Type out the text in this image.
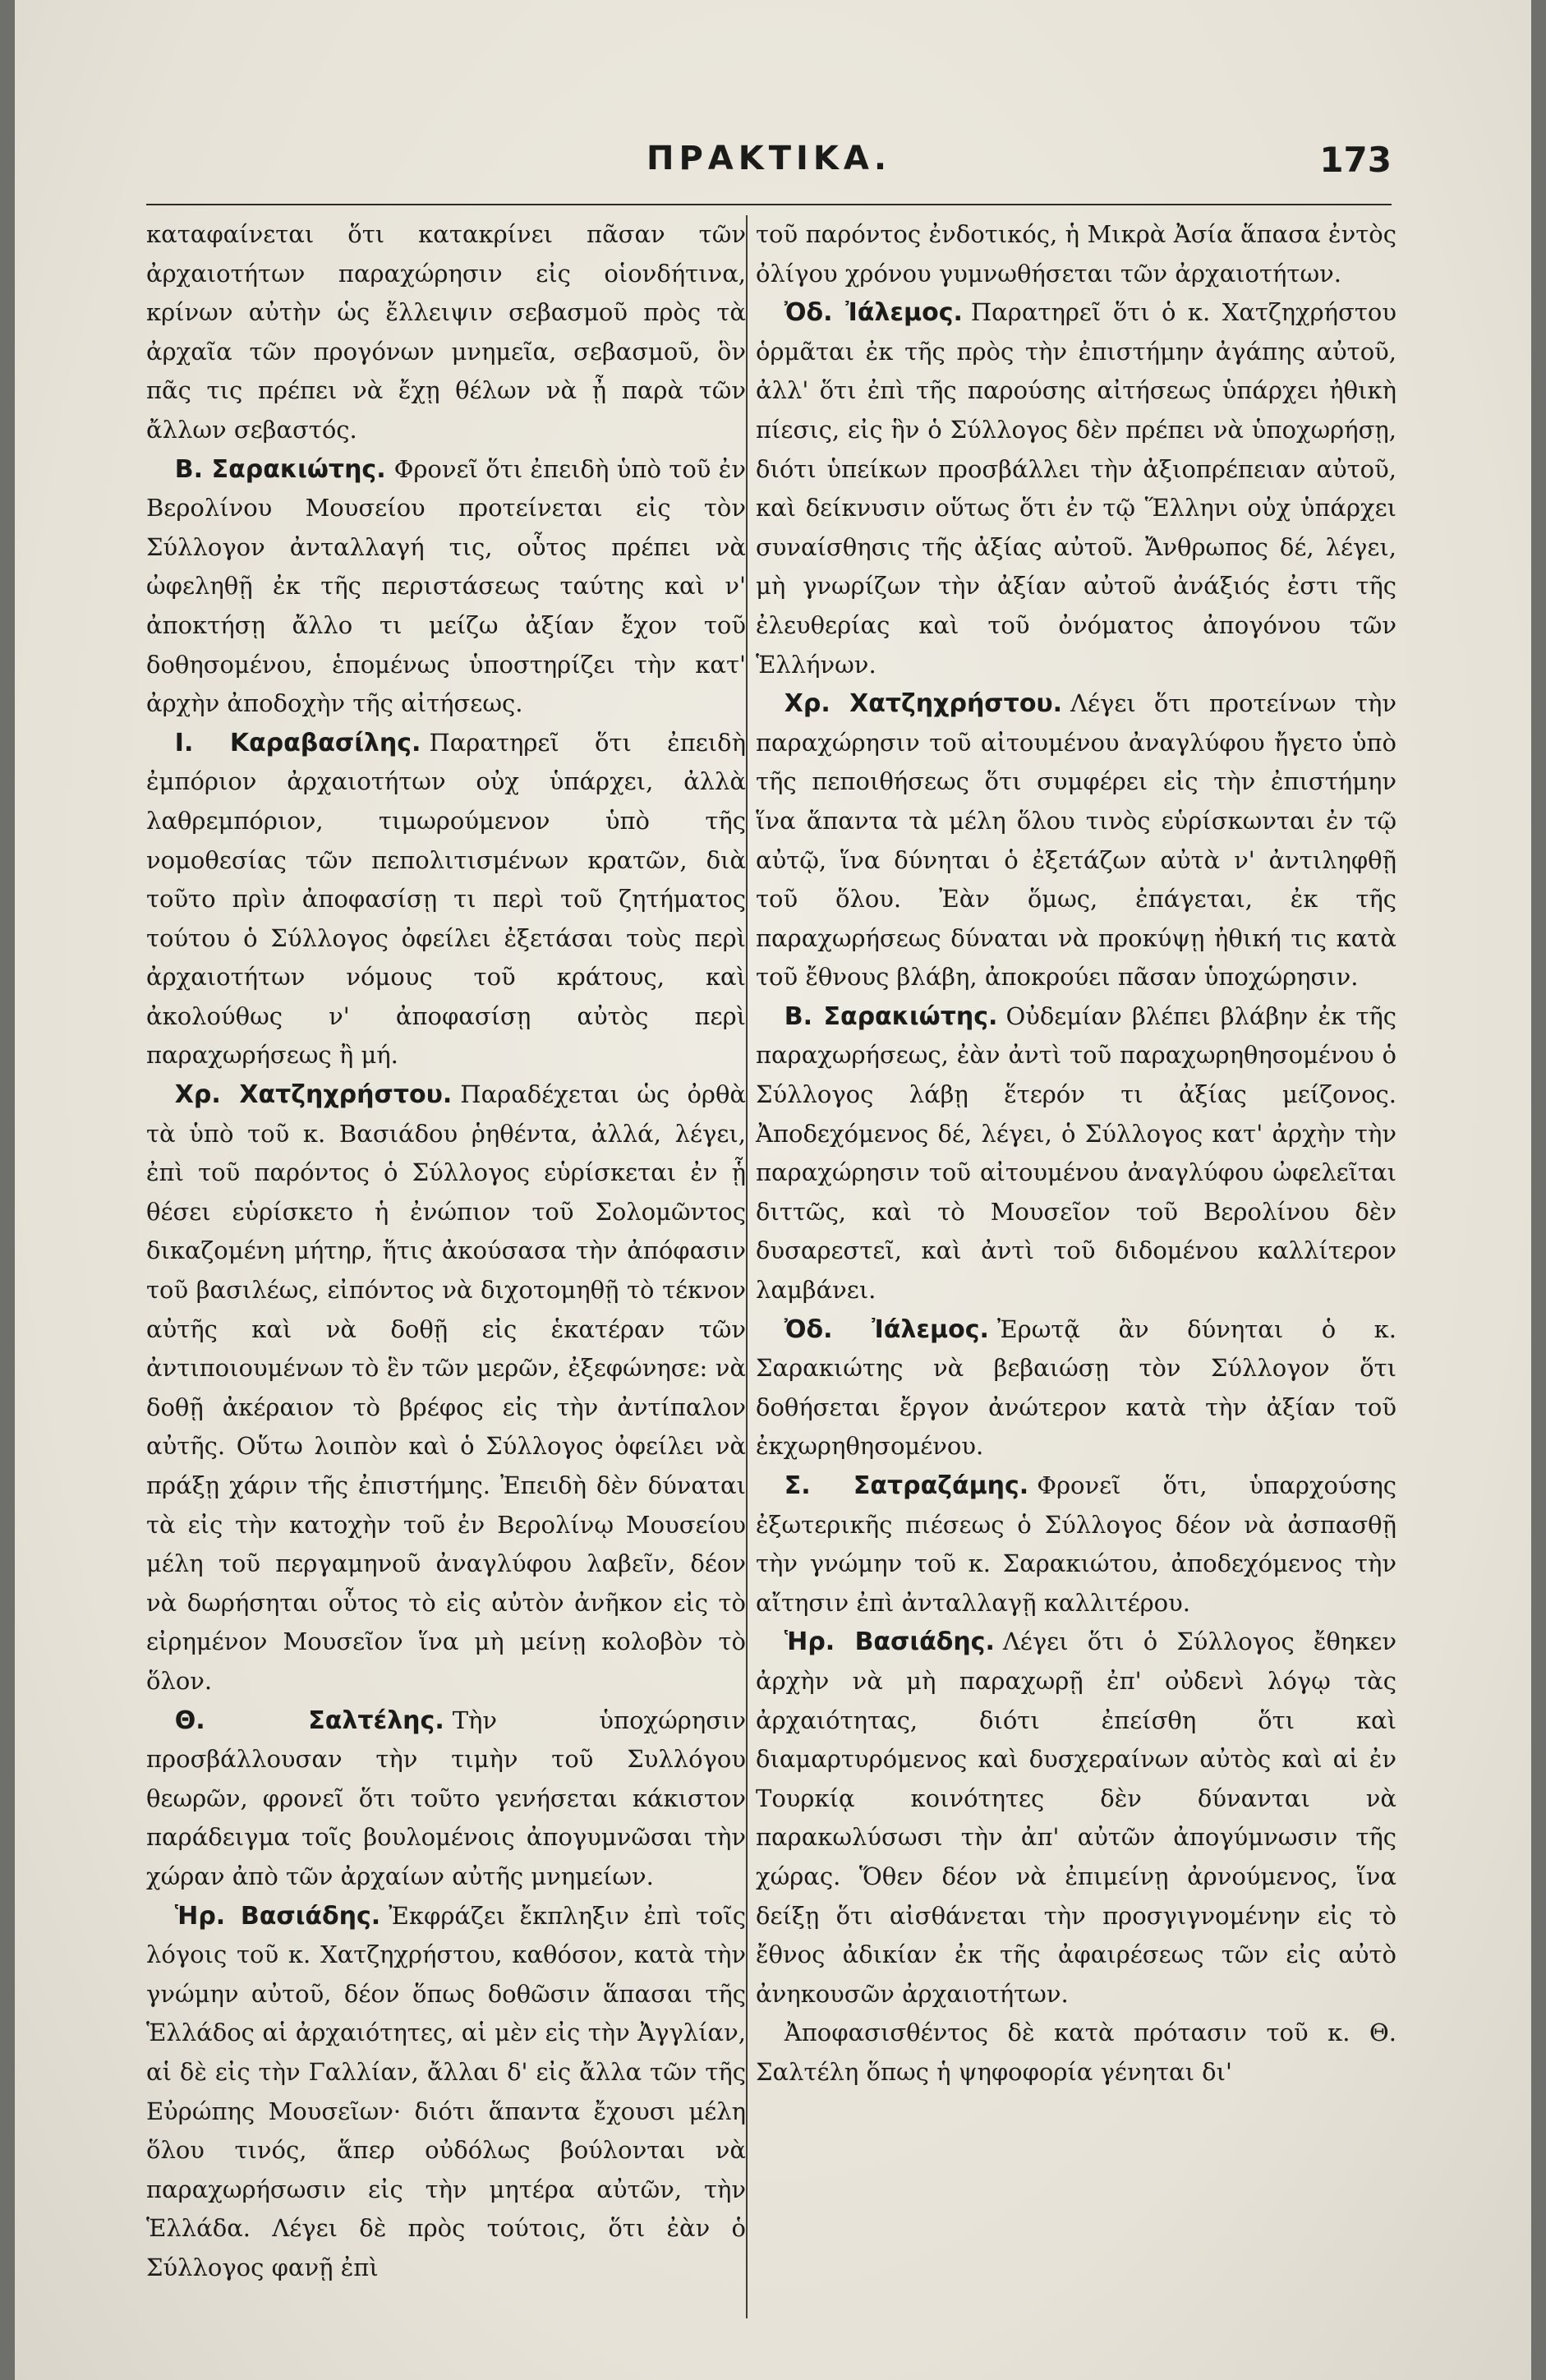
ΠΡΑΚΤΙΚΑ.	173

καταφαίνεται ὅτι κατακρίνει πᾶσαν τῶν ἀρχαιοτήτων παραχώρησιν εἰς οἱονδήτινα, κρίνων αὐτὴν ὡς ἔλλειψιν σεβασμοῦ πρὸς τὰ ἀρχαῖα τῶν προγόνων μνημεῖα, σεβασμοῦ, ὃν πᾶς τις πρέπει νὰ ἔχῃ θέλων νὰ ᾖ παρὰ τῶν ἄλλων σεβαστός.

Β. Σαρακιώτης. Φρονεῖ ὅτι ἐπειδὴ ὑπὸ τοῦ ἐν Βερολίνου Μουσείου προτείνεται εἰς τὸν Σύλλογον ἀνταλλαγή τις, οὗτος πρέπει νὰ ὠφεληθῇ ἐκ τῆς περιστάσεως ταύτης καὶ ν' ἀποκτήσῃ ἄλλο τι μείζω ἀξίαν ἔχον τοῦ δοθησομένου, ἑπομένως ὑποστηρίζει τὴν κατ' ἀρχὴν ἀποδοχὴν τῆς αἰτήσεως.

Ι. Καραβασίλης. Παρατηρεῖ ὅτι ἐπειδὴ ἐμπόριον ἀρχαιοτήτων οὐχ ὑπάρχει, ἀλλὰ λαθρεμπόριον, τιμωρούμενον ὑπὸ τῆς νομοθεσίας τῶν πεπολιτισμένων κρατῶν, διὰ τοῦτο πρὶν ἀποφασίσῃ τι περὶ τοῦ ζητήματος τούτου ὁ Σύλλογος ὀφείλει ἐξετάσαι τοὺς περὶ ἀρχαιοτήτων νόμους τοῦ κράτους, καὶ ἀκολούθως ν' ἀποφασίσῃ αὐτὸς περὶ παραχωρήσεως ἢ μή.

Χρ. Χατζηχρήστου. Παραδέχεται ὡς ὀρθὰ τὰ ὑπὸ τοῦ κ. Βασιάδου ῥηθέντα, ἀλλά, λέγει, ἐπὶ τοῦ παρόντος ὁ Σύλλογος εὑρίσκεται ἐν ᾗ θέσει εὑρίσκετο ἡ ἐνώπιον τοῦ Σολομῶντος δικαζομένη μήτηρ, ἥτις ἀκούσασα τὴν ἀπόφασιν τοῦ βασιλέως, εἰπόντος νὰ διχοτομηθῇ τὸ τέκνον αὐτῆς καὶ νὰ δοθῇ εἰς ἑκατέραν τῶν ἀντιποιουμένων τὸ ἓν τῶν μερῶν, ἐξεφώνησε: νὰ δοθῇ ἀκέραιον τὸ βρέφος εἰς τὴν ἀντίπαλον αὐτῆς. Οὕτω λοιπὸν καὶ ὁ Σύλλογος ὀφείλει νὰ πράξῃ χάριν τῆς ἐπιστήμης. Ἐπειδὴ δὲν δύναται τὰ εἰς τὴν κατοχὴν τοῦ ἐν Βερολίνῳ Μουσείου μέλη τοῦ περγαμηνοῦ ἀναγλύφου λαβεῖν, δέον νὰ δωρήσηται οὗτος τὸ εἰς αὐτὸν ἀνῆκον εἰς τὸ εἰρημένον Μουσεῖον ἵνα μὴ μείνῃ κολοβὸν τὸ ὅλον.

Θ. Σαλτέλης. Τὴν ὑποχώρησιν προσβάλλουσαν τὴν τιμὴν τοῦ Συλλόγου θεωρῶν, φρονεῖ ὅτι τοῦτο γενήσεται κάκιστον παράδειγμα τοῖς βουλομένοις ἀπογυμνῶσαι τὴν χώραν ἀπὸ τῶν ἀρχαίων αὐτῆς μνημείων.

Ἡρ. Βασιάδης. Ἐκφράζει ἔκπληξιν ἐπὶ τοῖς λόγοις τοῦ κ. Χατζηχρήστου, καθόσον, κατὰ τὴν γνώμην αὐτοῦ, δέον ὅπως δοθῶσιν ἅπασαι τῆς Ἑλλάδος αἱ ἀρχαιότητες, αἱ μὲν εἰς τὴν Ἀγγλίαν, αἱ δὲ εἰς τὴν Γαλλίαν, ἄλλαι δ' εἰς ἄλλα τῶν τῆς Εὐρώπης Μουσεῖων· διότι ἅπαντα ἔχουσι μέλη ὅλου τινός, ἅπερ οὐδόλως βούλονται νὰ παραχωρήσωσιν εἰς τὴν μητέρα αὐτῶν, τὴν Ἑλλάδα. Λέγει δὲ πρὸς τούτοις, ὅτι ἐὰν ὁ Σύλλογος φανῇ ἐπὶ

τοῦ παρόντος ἐνδοτικός, ἡ Μικρὰ Ἀσία ἅπασα ἐντὸς ὀλίγου χρόνου γυμνωθήσεται τῶν ἀρχαιοτήτων.

Ὀδ. Ἰάλεμος. Παρατηρεῖ ὅτι ὁ κ. Χατζηχρήστου ὁρμᾶται ἐκ τῆς πρὸς τὴν ἐπιστήμην ἀγάπης αὐτοῦ, ἀλλ' ὅτι ἐπὶ τῆς παρούσης αἰτήσεως ὑπάρχει ἠθικὴ πίεσις, εἰς ἣν ὁ Σύλλογος δὲν πρέπει νὰ ὑποχωρήσῃ, διότι ὑπείκων προσβάλλει τὴν ἀξιοπρέπειαν αὐτοῦ, καὶ δείκνυσιν οὕτως ὅτι ἐν τῷ Ἕλληνι οὐχ ὑπάρχει συναίσθησις τῆς ἀξίας αὐτοῦ. Ἄνθρωπος δέ, λέγει, μὴ γνωρίζων τὴν ἀξίαν αὐτοῦ ἀνάξιός ἐστι τῆς ἐλευθερίας καὶ τοῦ ὀνόματος ἀπογόνου τῶν Ἑλλήνων.

Χρ. Χατζηχρήστου. Λέγει ὅτι προτείνων τὴν παραχώρησιν τοῦ αἰτουμένου ἀναγλύφου ἤγετο ὑπὸ τῆς πεποιθήσεως ὅτι συμφέρει εἰς τὴν ἐπιστήμην ἵνα ἅπαντα τὰ μέλη ὅλου τινὸς εὑρίσκωνται ἐν τῷ αὐτῷ, ἵνα δύνηται ὁ ἐξετάζων αὐτὰ ν' ἀντιληφθῇ τοῦ ὅλου. Ἐὰν ὅμως, ἐπάγεται, ἐκ τῆς παραχωρήσεως δύναται νὰ προκύψῃ ἠθική τις κατὰ τοῦ ἔθνους βλάβη, ἀποκρούει πᾶσαν ὑποχώρησιν.

Β. Σαρακιώτης. Οὐδεμίαν βλέπει βλάβην ἐκ τῆς παραχωρήσεως, ἐὰν ἀντὶ τοῦ παραχωρηθησομένου ὁ Σύλλογος λάβῃ ἕτερόν τι ἀξίας μείζονος. Ἀποδεχόμενος δέ, λέγει, ὁ Σύλλογος κατ' ἀρχὴν τὴν παραχώρησιν τοῦ αἰτουμένου ἀναγλύφου ὠφελεῖται διττῶς, καὶ τὸ Μουσεῖον τοῦ Βερολίνου δὲν δυσαρεστεῖ, καὶ ἀντὶ τοῦ διδομένου καλλίτερον λαμβάνει.

Ὀδ. Ἰάλεμος. Ἐρωτᾷ ἂν δύνηται ὁ κ. Σαρακιώτης νὰ βεβαιώσῃ τὸν Σύλλογον ὅτι δοθήσεται ἔργον ἀνώτερον κατὰ τὴν ἀξίαν τοῦ ἐκχωρηθησομένου.

Σ. Σατραζάμης. Φρονεῖ ὅτι, ὑπαρχούσης ἐξωτερικῆς πιέσεως ὁ Σύλλογος δέον νὰ ἀσπασθῇ τὴν γνώμην τοῦ κ. Σαρακιώτου, ἀποδεχόμενος τὴν αἴτησιν ἐπὶ ἀνταλλαγῇ καλλιτέρου.

Ἡρ. Βασιάδης. Λέγει ὅτι ὁ Σύλλογος ἔθηκεν ἀρχὴν νὰ μὴ παραχωρῇ ἐπ' οὐδενὶ λόγῳ τὰς ἀρχαιότητας, διότι ἐπείσθη ὅτι καὶ διαμαρτυρόμενος καὶ δυσχεραίνων αὐτὸς καὶ αἱ ἐν Τουρκίᾳ κοινότητες δὲν δύνανται νὰ παρακωλύσωσι τὴν ἀπ' αὐτῶν ἀπογύμνωσιν τῆς χώρας. Ὅθεν δέον νὰ ἐπιμείνῃ ἀρνούμενος, ἵνα δείξῃ ὅτι αἰσθάνεται τὴν προσγιγνομένην εἰς τὸ ἔθνος ἀδικίαν ἐκ τῆς ἀφαιρέσεως τῶν εἰς αὐτὸ ἀνηκουσῶν ἀρχαιοτήτων.

Ἀποφασισθέντος δὲ κατὰ πρότασιν τοῦ κ. Θ. Σαλτέλη ὅπως ἡ ψηφοφορία γένηται δι'
